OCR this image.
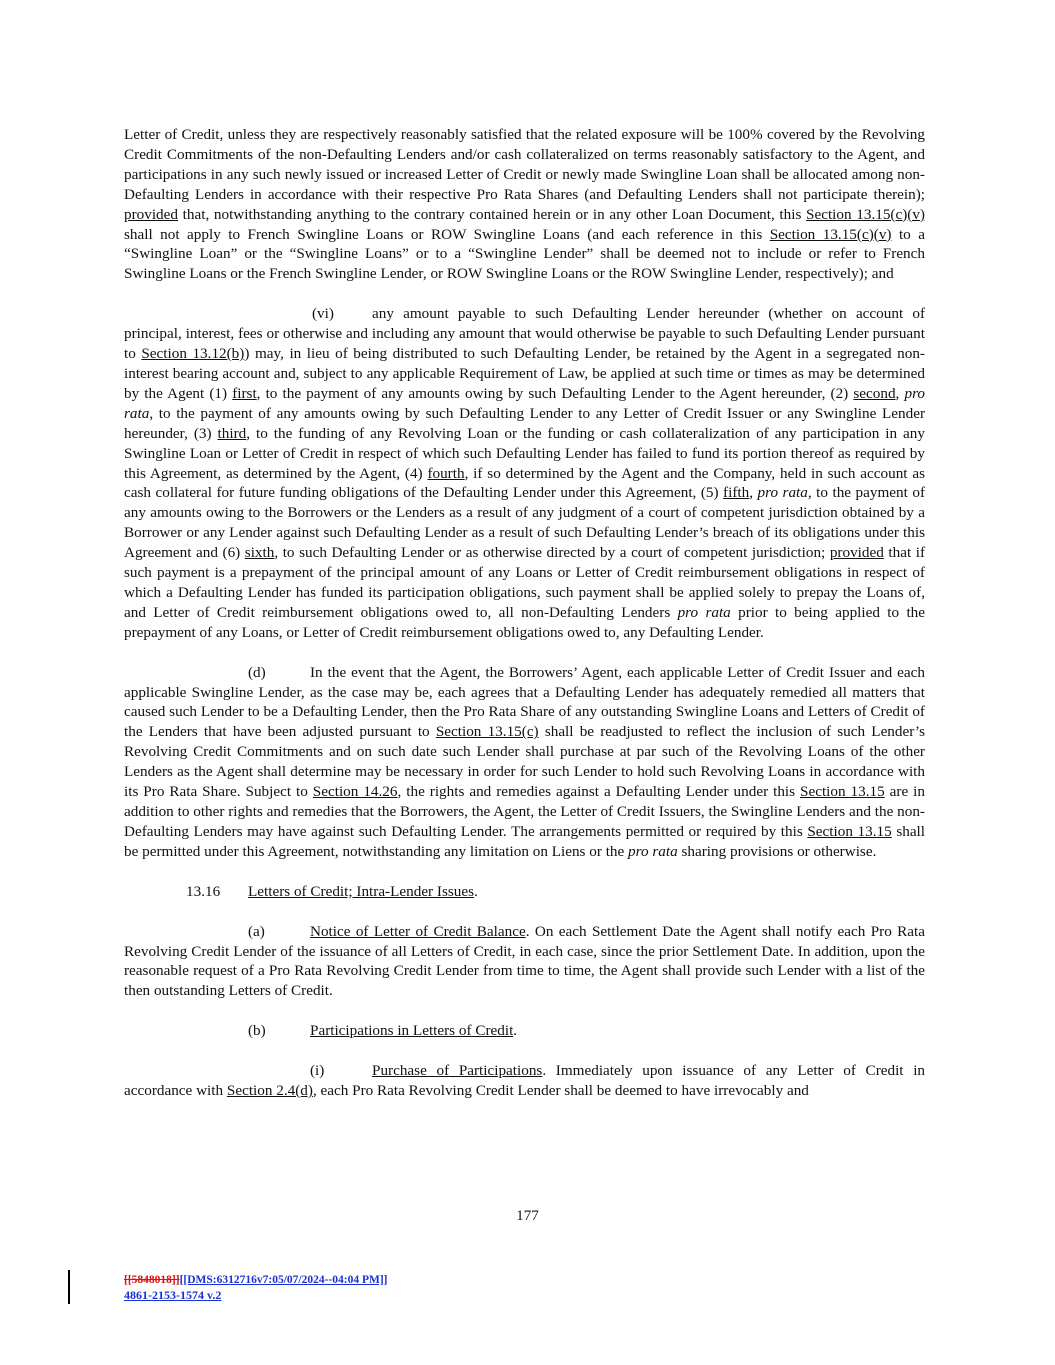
Letter of Credit, unless they are respectively reasonably satisfied that the related exposure will be 100% covered by the Revolving Credit Commitments of the non-Defaulting Lenders and/or cash collateralized on terms reasonably satisfactory to the Agent, and participations in any such newly issued or increased Letter of Credit or newly made Swingline Loan shall be allocated among non-Defaulting Lenders in accordance with their respective Pro Rata Shares (and Defaulting Lenders shall not participate therein); provided that, notwithstanding anything to the contrary contained herein or in any other Loan Document, this Section 13.15(c)(v) shall not apply to French Swingline Loans or ROW Swingline Loans (and each reference in this Section 13.15(c)(v) to a “Swingline Loan” or the “Swingline Loans” or to a “Swingline Lender” shall be deemed not to include or refer to French Swingline Loans or the French Swingline Lender, or ROW Swingline Loans or the ROW Swingline Lender, respectively); and

(vi)	any amount payable to such Defaulting Lender hereunder (whether on account of principal, interest, fees or otherwise and including any amount that would otherwise be payable to such Defaulting Lender pursuant to Section 13.12(b)) may, in lieu of being distributed to such Defaulting Lender, be retained by the Agent in a segregated non-interest bearing account and, subject to any applicable Requirement of Law, be applied at such time or times as may be determined by the Agent (1) first, to the payment of any amounts owing by such Defaulting Lender to the Agent hereunder, (2) second, pro rata, to the payment of any amounts owing by such Defaulting Lender to any Letter of Credit Issuer or any Swingline Lender hereunder, (3) third, to the funding of any Revolving Loan or the funding or cash collateralization of any participation in any Swingline Loan or Letter of Credit in respect of which such Defaulting Lender has failed to fund its portion thereof as required by this Agreement, as determined by the Agent, (4) fourth, if so determined by the Agent and the Company, held in such account as cash collateral for future funding obligations of the Defaulting Lender under this Agreement, (5) fifth, pro rata, to the payment of any amounts owing to the Borrowers or the Lenders as a result of any judgment of a court of competent jurisdiction obtained by a Borrower or any Lender against such Defaulting Lender as a result of such Defaulting Lender’s breach of its obligations under this Agreement and (6) sixth, to such Defaulting Lender or as otherwise directed by a court of competent jurisdiction; provided that if such payment is a prepayment of the principal amount of any Loans or Letter of Credit reimbursement obligations in respect of which a Defaulting Lender has funded its participation obligations, such payment shall be applied solely to prepay the Loans of, and Letter of Credit reimbursement obligations owed to, all non-Defaulting Lenders pro rata prior to being applied to the prepayment of any Loans, or Letter of Credit reimbursement obligations owed to, any Defaulting Lender.

(d)	In the event that the Agent, the Borrowers’ Agent, each applicable Letter of Credit Issuer and each applicable Swingline Lender, as the case may be, each agrees that a Defaulting Lender has adequately remedied all matters that caused such Lender to be a Defaulting Lender, then the Pro Rata Share of any outstanding Swingline Loans and Letters of Credit of the Lenders that have been adjusted pursuant to Section 13.15(c) shall be readjusted to reflect the inclusion of such Lender’s Revolving Credit Commitments and on such date such Lender shall purchase at par such of the Revolving Loans of the other Lenders as the Agent shall determine may be necessary in order for such Lender to hold such Revolving Loans in accordance with its Pro Rata Share. Subject to Section 14.26, the rights and remedies against a Defaulting Lender under this Section 13.15 are in addition to other rights and remedies that the Borrowers, the Agent, the Letter of Credit Issuers, the Swingline Lenders and the non-Defaulting Lenders may have against such Defaulting Lender. The arrangements permitted or required by this Section 13.15 shall be permitted under this Agreement, notwithstanding any limitation on Liens or the pro rata sharing provisions or otherwise.

13.16 Letters of Credit; Intra-Lender Issues.

(a)	Notice of Letter of Credit Balance. On each Settlement Date the Agent shall notify each Pro Rata Revolving Credit Lender of the issuance of all Letters of Credit, in each case, since the prior Settlement Date. In addition, upon the reasonable request of a Pro Rata Revolving Credit Lender from time to time, the Agent shall provide such Lender with a list of the then outstanding Letters of Credit.

(b)	Participations in Letters of Credit.

(i)	Purchase of Participations. Immediately upon issuance of any Letter of Credit in accordance with Section 2.4(d), each Pro Rata Revolving Credit Lender shall be deemed to have irrevocably and

177
[[5848018]][[DMS:6312716v7:05/07/2024--04:04 PM]]
4861-2153-1574 v.2
